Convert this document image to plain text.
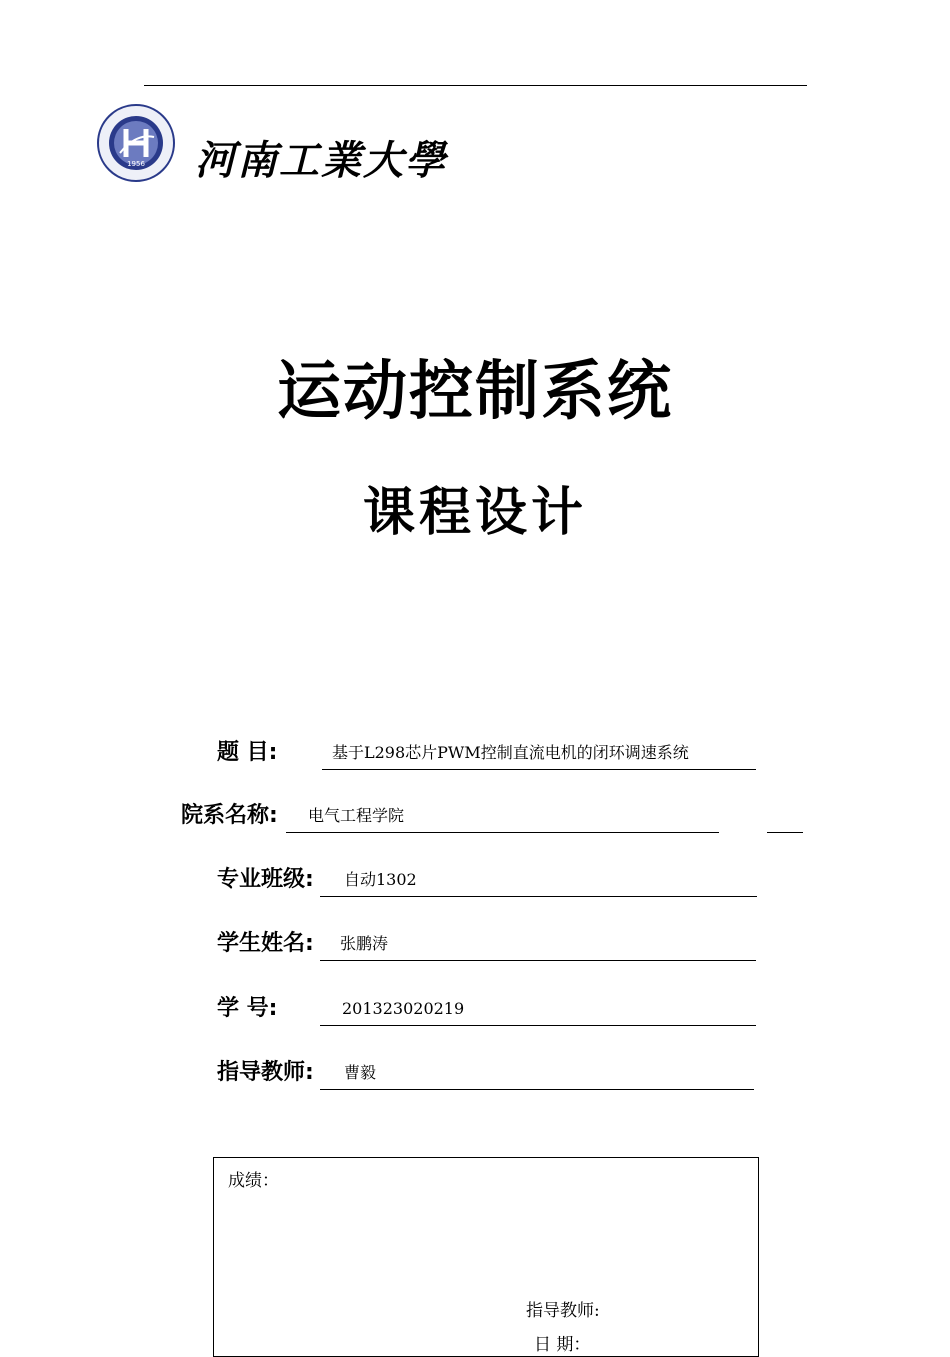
1956 河南工業大學
运动控制系统
课程设计
题 目:	基于L298芯片PWM控制直流电机的闭环调速系统
院系名称:	电气工程学院
专业班级:	自动1302
学生姓名:	张鹏涛
学 号:	201323020219
指导教师:	曹毅
成绩：
指导教师:
日 期：
